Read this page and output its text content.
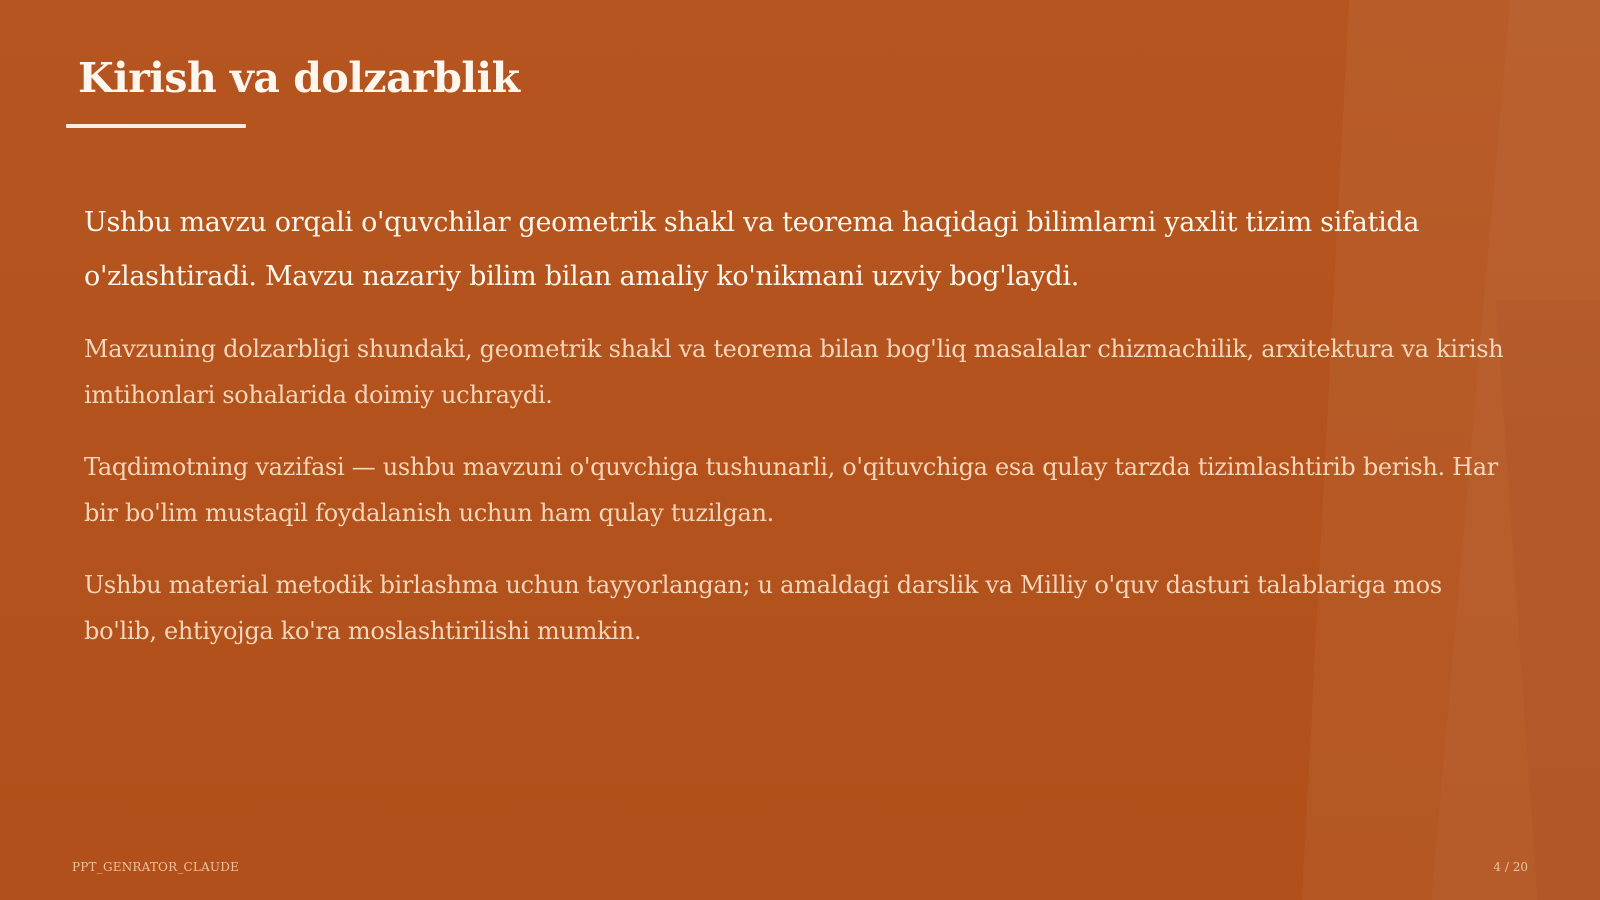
Kirish va dolzarblik

Ushbu mavzu orqali o'quvchilar geometrik shakl va teorema haqidagi bilimlarni yaxlit tizim sifatida o'zlashtiradi. Mavzu nazariy bilim bilan amaliy ko'nikmani uzviy bog'laydi.

Mavzuning dolzarbligi shundaki, geometrik shakl va teorema bilan bog'liq masalalar chizmachilik, arxitektura va kirish imtihonlari sohalarida doimiy uchraydi.

Taqdimotning vazifasi — ushbu mavzuni o'quvchiga tushunarli, o'qituvchiga esa qulay tarzda tizimlashtirib berish. Har bir bo'lim mustaqil foydalanish uchun ham qulay tuzilgan.

Ushbu material metodik birlashma uchun tayyorlangan; u amaldagi darslik va Milliy o'quv dasturi talablariga mos bo'lib, ehtiyojga ko'ra moslashtirilishi mumkin.

PPT_GENRATOR_CLAUDE	4 / 20
